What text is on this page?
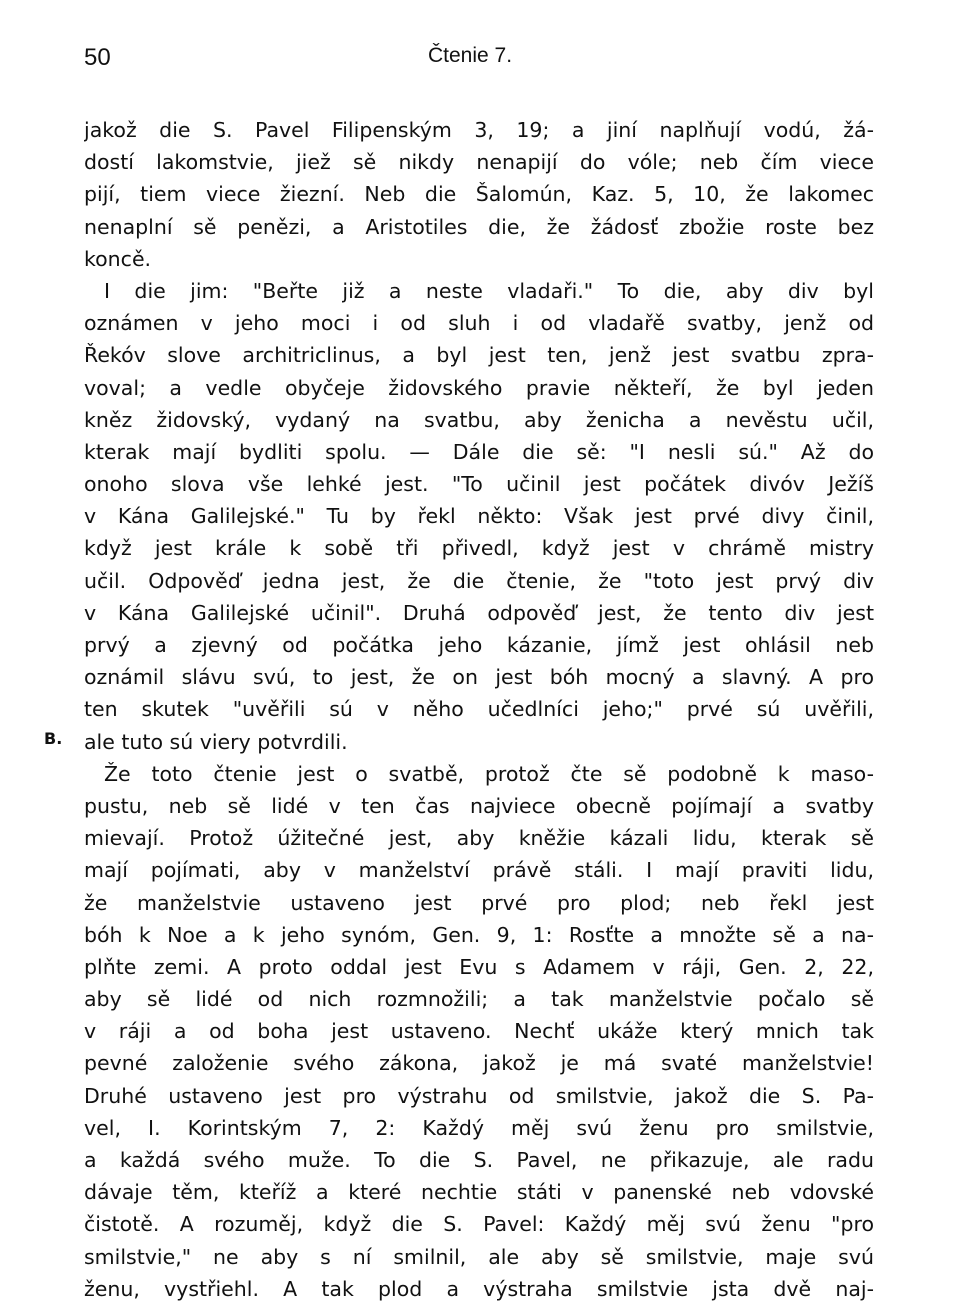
50	Čtenie 7.
B.
jakož die S. Pavel Filipenským 3, 19; a jiní naplňují vodú, žá-
dostí lakomstvie, jiež sě nikdy nenapijí do vóle; neb čím viece
pijí, tiem viece žiezní. Neb die Šalomún, Kaz. 5, 10, že lakomec
nenaplní sě penězi, a Aristotiles die, že žádosť zbožie roste bez
koncě.
I die jim: "Beřte již a neste vladaři." To die, aby div byl
oznámen v jeho moci i od sluh i od vladařě svatby, jenž od
Řekóv slove architriclinus, a byl jest ten, jenž jest svatbu zpra-
voval; a vedle obyčeje židovského pravie někteří, že byl jeden
kněz židovský, vydaný na svatbu, aby ženicha a nevěstu učil,
kterak mají bydliti spolu. — Dále die sě: "I nesli sú." Až do
onoho slova vše lehké jest. "To učinil jest počátek divóv Ježíš
v Kána Galilejské." Tu by řekl někto: Však jest prvé divy činil,
když jest krále k sobě tři přivedl, když jest v chrámě mistry
učil. Odpověď jedna jest, že die čtenie, že "toto jest prvý div
v Kána Galilejské učinil". Druhá odpověď jest, že tento div jest
prvý a zjevný od počátka jeho kázanie, jímž jest ohlásil neb
oznámil slávu svú, to jest, že on jest bóh mocný a slavný. A pro
ten skutek "uvěřili sú v něho učedlníci jeho;" prvé sú uvěřili,
ale tuto sú viery potvrdili.
Že toto čtenie jest o svatbě, protož čte sě podobně k maso-
pustu, neb sě lidé v ten čas najviece obecně pojímají a svatby
mievají. Protož úžitečné jest, aby kněžie kázali lidu, kterak sě
mají pojímati, aby v manželství právě stáli. I mají praviti lidu,
že manželstvie ustaveno jest prvé pro plod; neb řekl jest
bóh k Noe a k jeho synóm, Gen. 9, 1: Rosťte a množte sě a na-
plňte zemi. A proto oddal jest Evu s Adamem v ráji, Gen. 2, 22,
aby sě lidé od nich rozmnožili; a tak manželstvie počalo sě
v ráji a od boha jest ustaveno. Nechť ukáže který mnich tak
pevné založenie svého zákona, jakož je má svaté manželstvie!
Druhé ustaveno jest pro výstrahu od smilstvie, jakož die S. Pa-
vel, I. Korintským 7, 2: Každý měj svú ženu pro smilstvie,
a každá svého muže. To die S. Pavel, ne přikazuje, ale radu
dávaje těm, kteříž a které nechtie státi v panenské neb vdovské
čistotě. A rozuměj, když die S. Pavel: Každý měj svú ženu "pro
smilstvie," ne aby s ní smilnil, ale aby sě smilstvie, maje svú
ženu, vystřiehl. A tak plod a výstraha smilstvie jsta dvě naj-
